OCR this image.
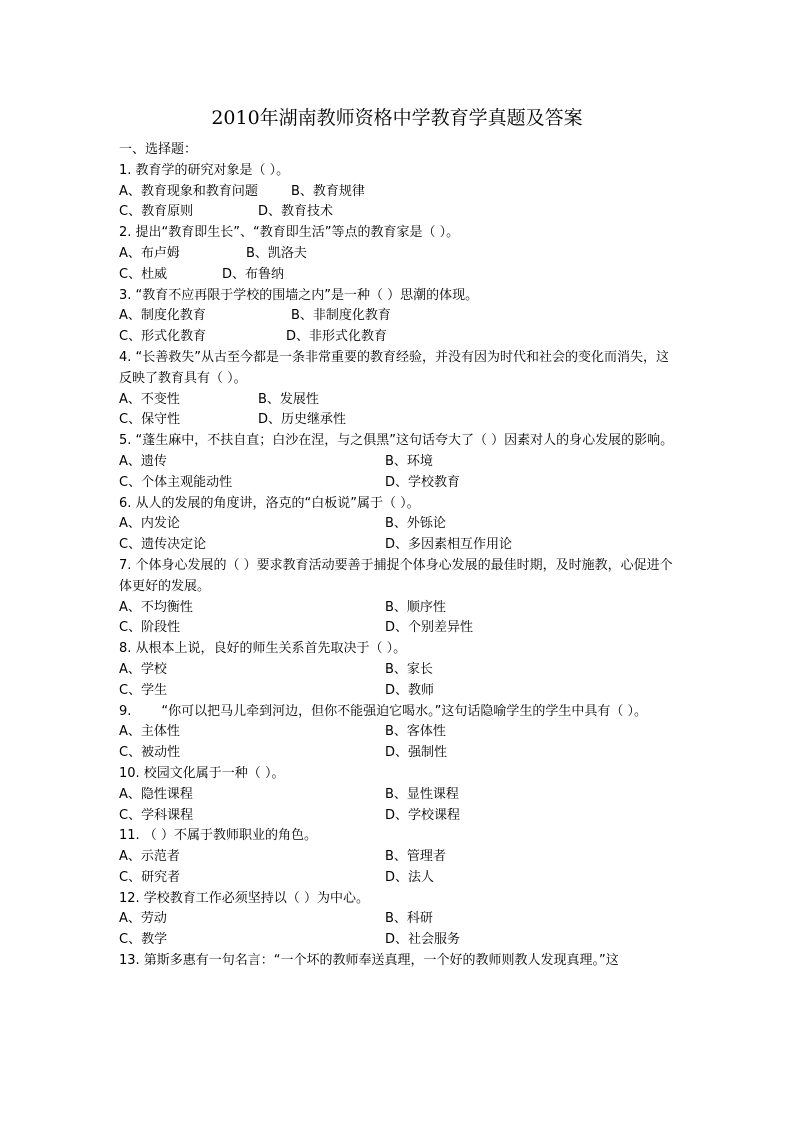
2010年湖南教师资格中学教育学真题及答案
一、选择题：
1. 教育学的研究对象是（ ）。
A、教育现象和教育问题	B、教育规律
C、教育原则	D、教育技术
2. 提出“教育即生长”、“教育即生活”等点的教育家是（ ）。
A、布卢姆	B、凯洛夫
C、杜威	D、布鲁纳
3. “教育不应再限于学校的围墙之内”是一种（ ）思潮的体现。
A、制度化教育	B、非制度化教育
C、形式化教育	D、非形式化教育
4. “长善救失”从古至今都是一条非常重要的教育经验，并没有因为时代和社会的变化而消失，这反映了教育具有（ ）。
A、不变性	B、发展性
C、保守性	D、历史继承性
5. “蓬生麻中，不扶自直；白沙在涅，与之俱黑”这句话夸大了（ ）因素对人的身心发展的影响。
A、遗传	B、环境
C、个体主观能动性	D、学校教育
6. 从人的发展的角度讲，洛克的“白板说”属于（ ）。
A、内发论	B、外铄论
C、遗传决定论	D、多因素相互作用论
7. 个体身心发展的（ ）要求教育活动要善于捕捉个体身心发展的最佳时期，及时施教，心促进个体更好的发展。
A、不均衡性	B、顺序性
C、阶段性	D、个别差异性
8. 从根本上说，良好的师生关系首先取决于（ ）。
A、学校	B、家长
C、学生	D、教师
9. “你可以把马儿牵到河边，但你不能强迫它喝水。”这句话隐喻学生的学生中具有（ ）。
A、主体性	B、客体性
C、被动性	D、强制性
10. 校园文化属于一种（ ）。
A、隐性课程	B、显性课程
C、学科课程	D、学校课程
11. （ ）不属于教师职业的角色。
A、示范者	B、管理者
C、研究者	D、法人
12. 学校教育工作必须坚持以（ ）为中心。
A、劳动	B、科研
C、教学	D、社会服务
13. 第斯多惠有一句名言：“一个坏的教师奉送真理，一个好的教师则教人发现真理。”这
